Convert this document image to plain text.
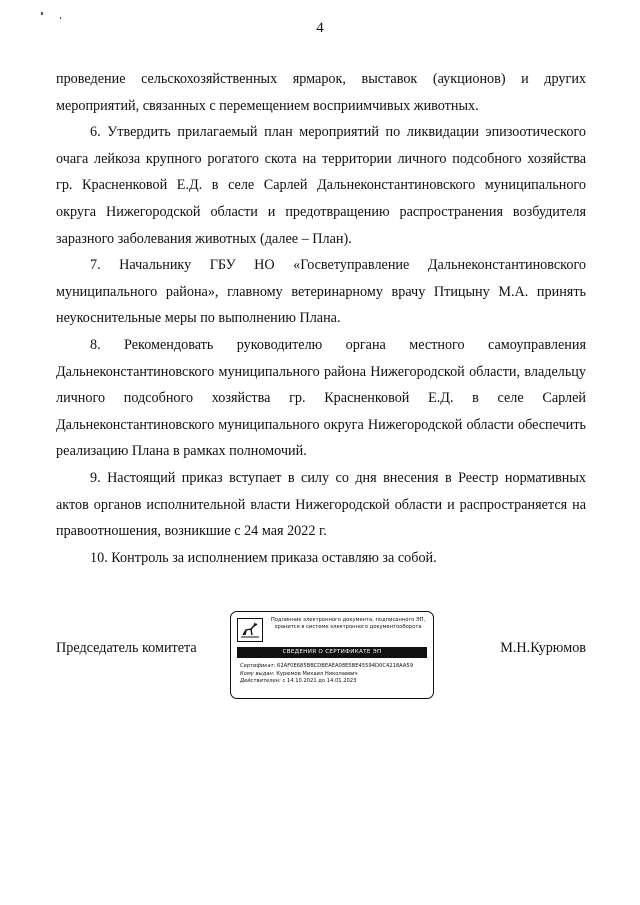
4

проведение сельскохозяйственных ярмарок, выставок (аукционов) и других мероприятий, связанных с перемещением восприимчивых животных.

6. Утвердить прилагаемый план мероприятий по ликвидации эпизоотического очага лейкоза крупного рогатого скота на территории личного подсобного хозяйства гр. Красненковой Е.Д. в селе Сарлей Дальнеконстантиновского муниципального округа Нижегородской области и предотвращению распространения возбудителя заразного заболевания животных (далее – План).

7. Начальнику ГБУ НО «Госветуправление Дальнеконстантиновского муниципального района», главному ветеринарному врачу Птицыну М.А. принять неукоснительные меры по выполнению Плана.

8. Рекомендовать руководителю органа местного самоуправления Дальнеконстантиновского муниципального района Нижегородской области, владельцу личного подсобного хозяйства гр. Красненковой Е.Д. в селе Сарлей Дальнеконстантиновского муниципального округа Нижегородской области обеспечить реализацию Плана в рамках полномочий.

9. Настоящий приказ вступает в силу со дня внесения в Реестр нормативных актов органов исполнительной власти Нижегородской области и распространяется на правоотношения, возникшие с 24 мая 2022 г.

10. Контроль за исполнением приказа оставляю за собой.

Председатель комитета
Подлинник электронного документа, подписанного ЭП,
хранится в системе электронного документооборота
СВЕДЕНИЯ О СЕРТИФИКАТЕ ЭП
Сертификат: 62AF0E685BBCDBEAEA08E5BE45594D0C4218AA59
Кому выдан: Курюмов Михаил Николаевич
Действителен: с 14.10.2021 до 14.01.2023
М.Н.Курюмов
